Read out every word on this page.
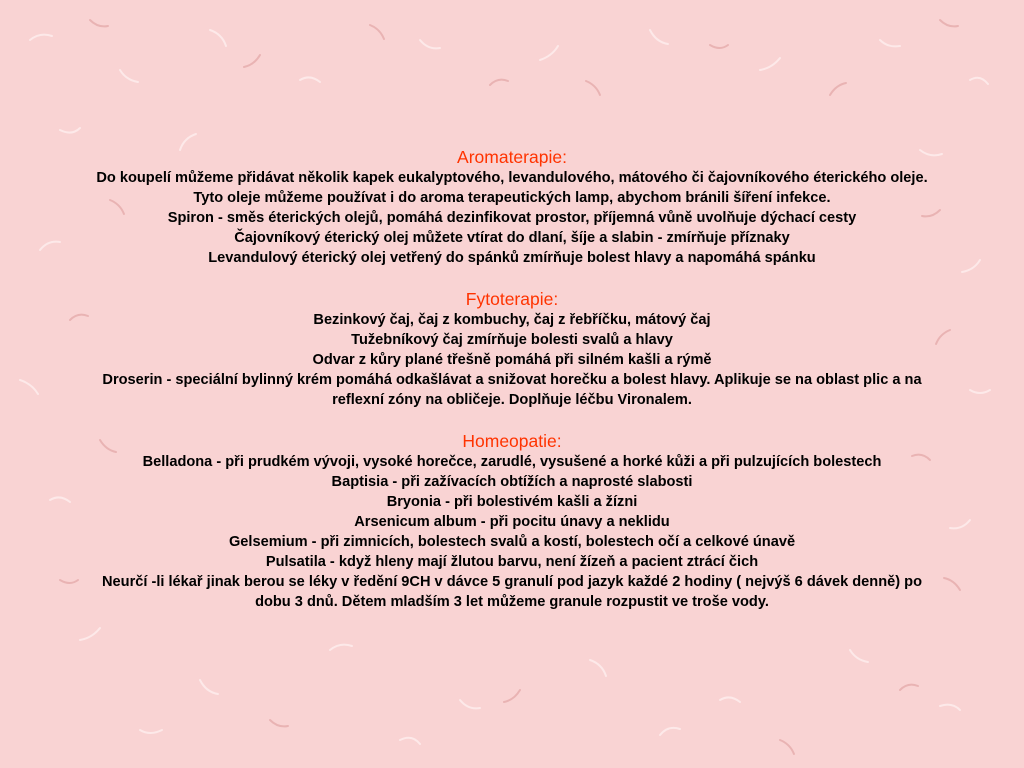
Aromaterapie:

Do koupelí můžeme přidávat několik kapek eukalyptového, levandulového, mátového či čajovníkového éterického oleje.

Tyto oleje můžeme používat i do aroma terapeutických lamp, abychom bránili šíření infekce.

Spiron - směs éterických olejů, pomáhá dezinfikovat prostor, příjemná vůně uvolňuje dýchací cesty

Čajovníkový éterický olej můžete vtírat do dlaní, šíje a slabin - zmírňuje příznaky

Levandulový éterický olej vetřený do spánků zmírňuje bolest hlavy a napomáhá spánku

Fytoterapie:

Bezinkový čaj, čaj z kombuchy, čaj z řebříčku, mátový čaj

Tužebníkový čaj zmírňuje bolesti svalů a hlavy

Odvar z kůry plané třešně pomáhá při silném kašli a rýmě

Droserin - speciální bylinný krém pomáhá odkašlávat a snižovat horečku a bolest hlavy. Aplikuje se na oblast plic a na

reflexní zóny na obličeje. Doplňuje léčbu Vironalem.

Homeopatie:

Belladona - při prudkém vývoji, vysoké horečce, zarudlé, vysušené a horké kůži a při pulzujících bolestech

Baptisia - při zažívacích obtížích a naprosté slabosti

Bryonia - při bolestivém kašli a žízni

Arsenicum album - při pocitu únavy a neklidu

Gelsemium - při zimnicích, bolestech svalů a kostí, bolestech očí a celkové únavě

Pulsatila - když hleny mají žlutou barvu, není žízeň a pacient ztrácí čich

Neurčí -li lékař jinak berou se léky v ředění 9CH v dávce 5 granulí pod jazyk každé 2 hodiny ( nejvýš 6 dávek denně) po

dobu 3 dnů. Dětem mladším 3 let můžeme granule rozpustit ve troše vody.
